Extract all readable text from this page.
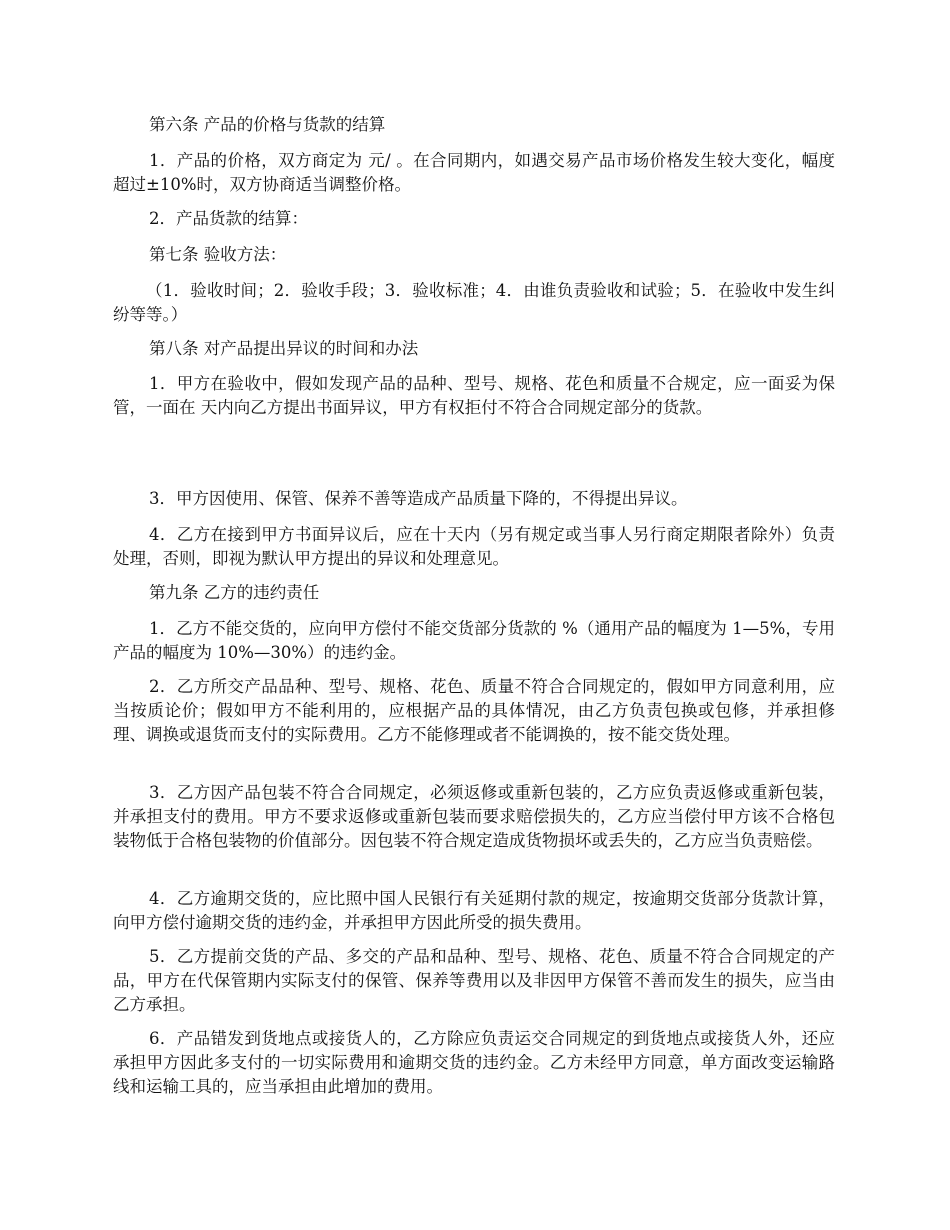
第六条 产品的价格与货款的结算

1．产品的价格，双方商定为 元/ 。在合同期内，如遇交易产品市场价格发生较大变化，幅度超过±10%时，双方协商适当调整价格。

2．产品货款的结算：

第七条 验收方法：

（1．验收时间；2．验收手段；3．验收标准；4．由谁负责验收和试验；5．在验收中发生纠纷等等。）

第八条 对产品提出异议的时间和办法

1．甲方在验收中，假如发现产品的品种、型号、规格、花色和质量不合规定，应一面妥为保管，一面在 天内向乙方提出书面异议，甲方有权拒付不符合合同规定部分的货款。

3．甲方因使用、保管、保养不善等造成产品质量下降的，不得提出异议。

4．乙方在接到甲方书面异议后，应在十天内（另有规定或当事人另行商定期限者除外）负责处理，否则，即视为默认甲方提出的异议和处理意见。

第九条 乙方的违约责任

1．乙方不能交货的，应向甲方偿付不能交货部分货款的 %（通用产品的幅度为 1—5%，专用产品的幅度为 10%—30%）的违约金。

2．乙方所交产品品种、型号、规格、花色、质量不符合合同规定的，假如甲方同意利用，应当按质论价；假如甲方不能利用的，应根据产品的具体情况，由乙方负责包换或包修，并承担修理、调换或退货而支付的实际费用。乙方不能修理或者不能调换的，按不能交货处理。

3．乙方因产品包装不符合合同规定，必须返修或重新包装的，乙方应负责返修或重新包装，并承担支付的费用。甲方不要求返修或重新包装而要求赔偿损失的，乙方应当偿付甲方该不合格包装物低于合格包装物的价值部分。因包装不符合规定造成货物损坏或丢失的，乙方应当负责赔偿。

4．乙方逾期交货的，应比照中国人民银行有关延期付款的规定，按逾期交货部分货款计算，向甲方偿付逾期交货的违约金，并承担甲方因此所受的损失费用。

5．乙方提前交货的产品、多交的产品和品种、型号、规格、花色、质量不符合合同规定的产品，甲方在代保管期内实际支付的保管、保养等费用以及非因甲方保管不善而发生的损失，应当由乙方承担。

6．产品错发到货地点或接货人的，乙方除应负责运交合同规定的到货地点或接货人外，还应承担甲方因此多支付的一切实际费用和逾期交货的违约金。乙方未经甲方同意，单方面改变运输路线和运输工具的，应当承担由此增加的费用。
